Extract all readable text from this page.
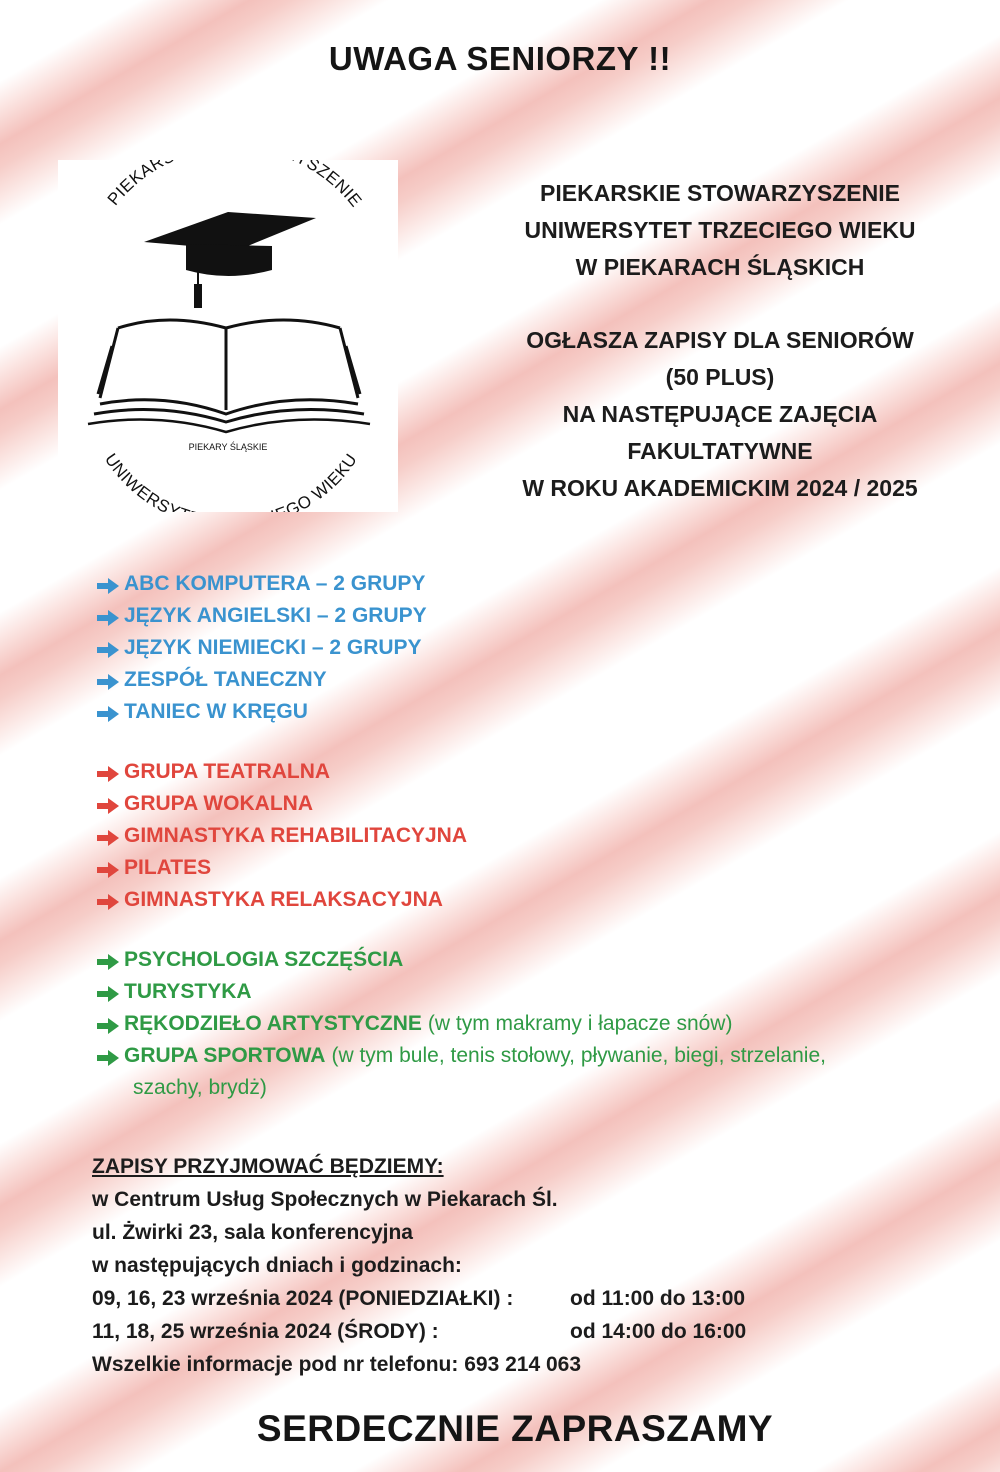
UWAGA SENIORZY !!
PIEKAR SZENIE
UNIWERSY GO WIEKU
PIEKARY ŚLĄSKIE
PIEKARSKIE STOWARZYSZENIE
UNIWERSYTET TRZECIEGO WIEKU
W PIEKARACH ŚLĄSKICH
OGŁASZA ZAPISY DLA SENIORÓW
(50 PLUS)
NA NASTĘPUJĄCE ZAJĘCIA
FAKULTATYWNE
W ROKU AKADEMICKIM 2024 / 2025
ABC KOMPUTERA – 2 GRUPY
JĘZYK ANGIELSKI – 2 GRUPY
JĘZYK NIEMIECKI – 2 GRUPY
ZESPÓŁ TANECZNY
TANIEC W KRĘGU
GRUPA TEATRALNA
GRUPA WOKALNA
GIMNASTYKA REHABILITACYJNA
PILATES
GIMNASTYKA RELAKSACYJNA
PSYCHOLOGIA SZCZĘŚCIA
TURYSTYKA
RĘKODZIEŁO ARTYSTYCZNE (w tym makramy i łapacze snów)
GRUPA SPORTOWA (w tym bule, tenis stołowy, pływanie, biegi, strzelanie,
szachy, brydż)
ZAPISY PRZYJMOWAĆ BĘDZIEMY:
w Centrum Usług Społecznych w Piekarach Śl.
ul. Żwirki 23, sala konferencyjna
w następujących dniach i godzinach:
09, 16, 23 września 2024 (PONIEDZIAŁKI) :	od 11:00 do 13:00
11, 18, 25 września 2024 (ŚRODY) :	od 14:00 do 16:00
Wszelkie informacje pod nr telefonu: 693 214 063
SERDECZNIE ZAPRASZAMY
